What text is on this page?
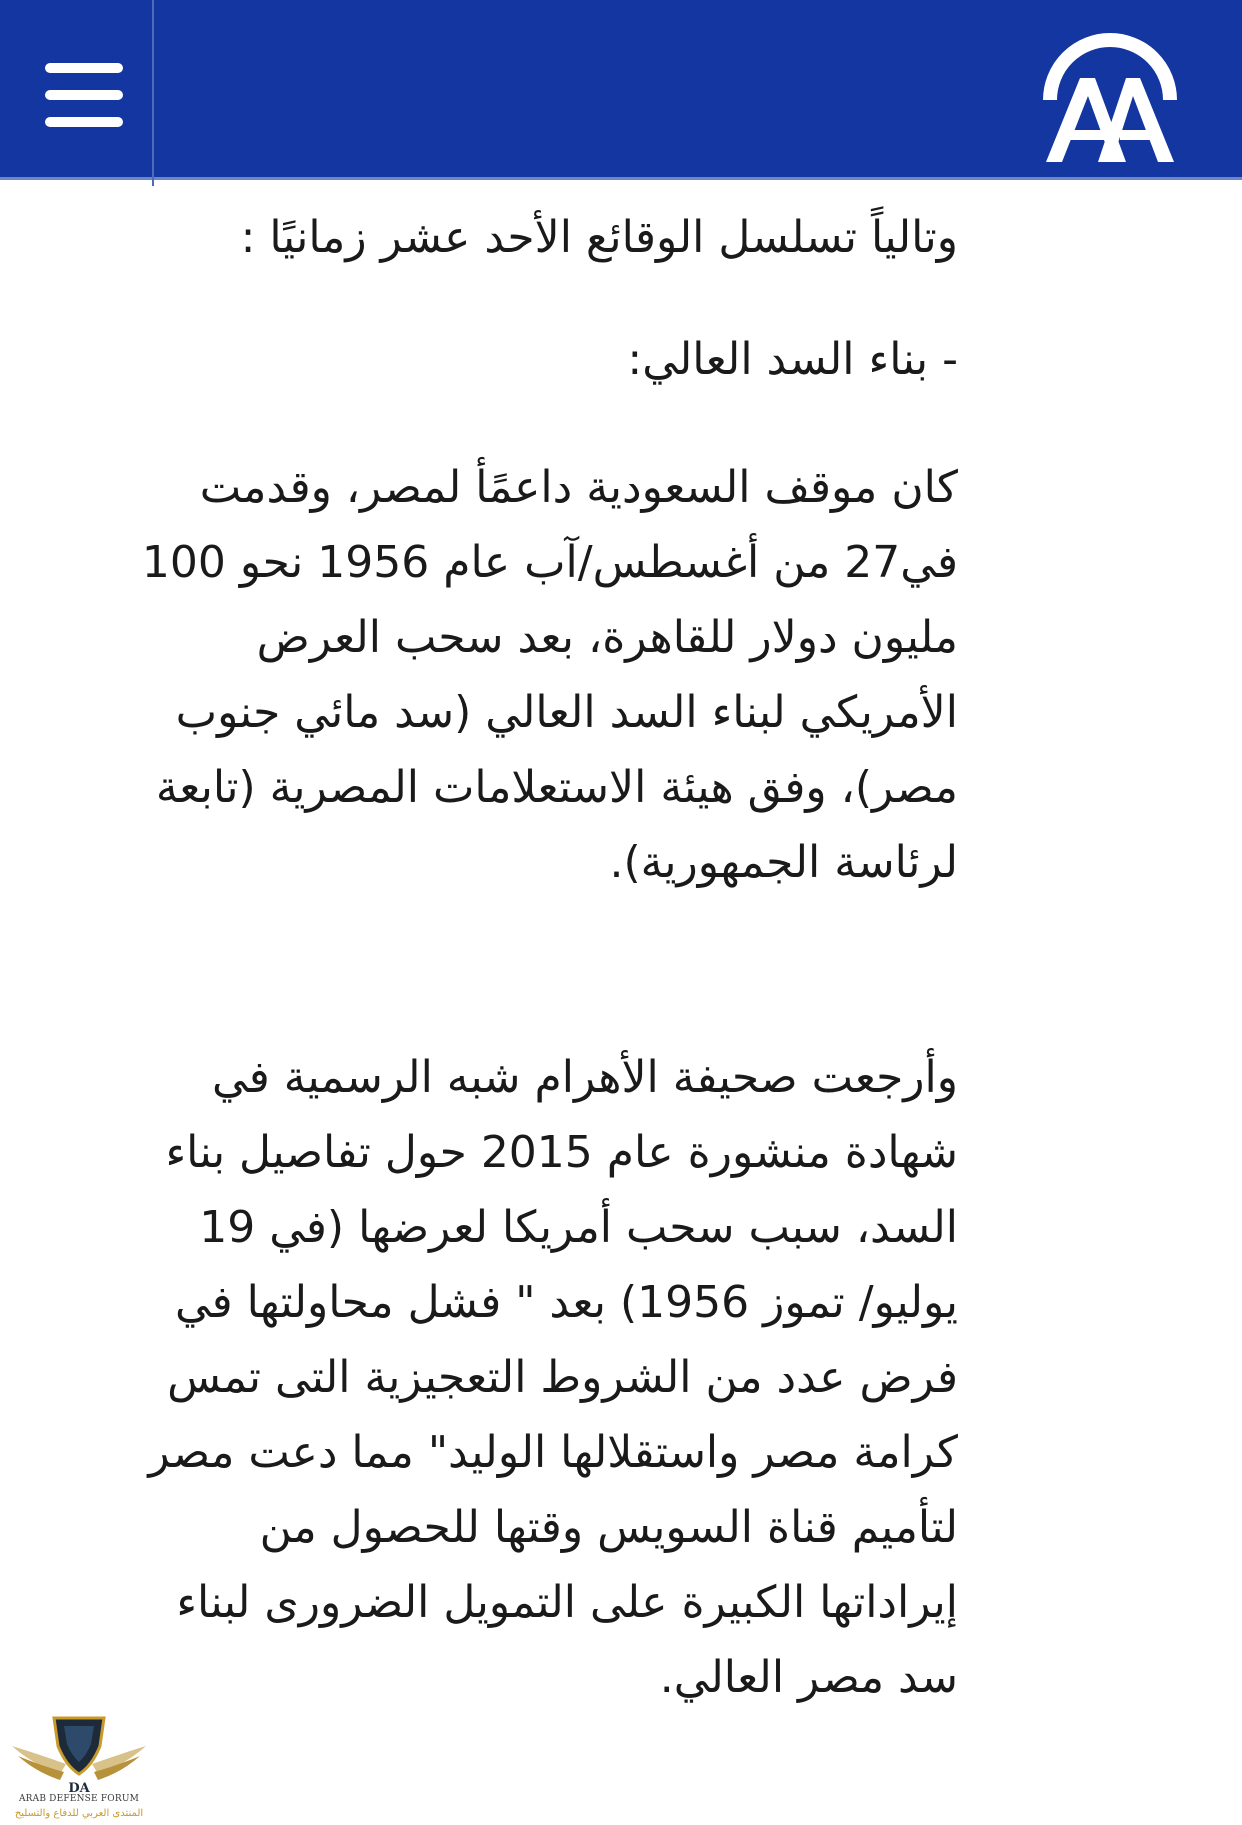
وتالياً تسلسل الوقائع الأحد عشر زمانيًا :

- بناء السد العالي:

كان موقف السعودية داعمًأ لمصر، وقدمت في27 من أغسطس/آب عام 1956 نحو 100 مليون دولار للقاهرة، بعد سحب العرض الأمريكي لبناء السد العالي (سد مائي جنوب مصر)، وفق هيئة الاستعلامات المصرية (تابعة لرئاسة الجمهورية).

وأرجعت صحيفة الأهرام شبه الرسمية في شهادة منشورة عام 2015 حول تفاصيل بناء السد، سبب سحب أمريكا لعرضها (في 19 يوليو/ تموز 1956) بعد " فشل محاولتها في فرض عدد من الشروط التعجيزية التى تمس كرامة مصر واستقلالها الوليد" مما دعت مصر لتأميم قناة السويس وقتها للحصول من إيراداتها الكبيرة على التمويل الضرورى لبناء سد مصر العالي.

DA
ARAB DEFENSE FORUM
المنتدى العربي للدفاع والتسليح
